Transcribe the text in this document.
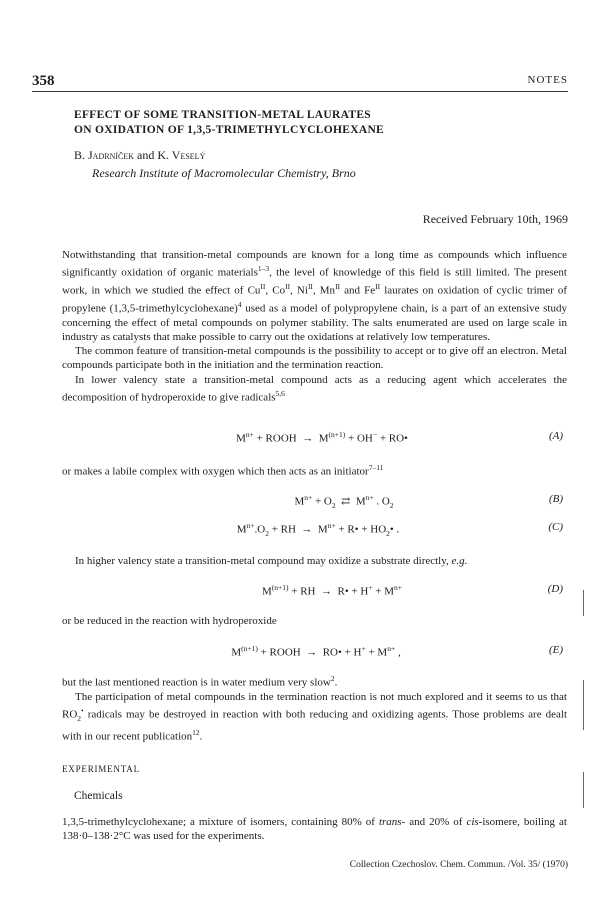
358	NOTES
EFFECT OF SOME TRANSITION-METAL LAURATES
ON OXIDATION OF 1,3,5-TRIMETHYLCYCLOHEXANE
B. Jadrníček and K. Veselý
Research Institute of Macromolecular Chemistry, Brno
Received February 10th, 1969

Notwithstanding that transition-metal compounds are known for a long time as compounds which influence significantly oxidation of organic materials$^{1-3}$, the level of knowledge of this field is still limited. The present work, in which we studied the effect of $Cu^{II}$, $Co^{II}$, $Ni^{II}$, $Mn^{II}$ and $Fe^{II}$ laurates on oxidation of cyclic trimer of propylene (1,3,5-trimethylcyclohexane)$^4$ used as a model of polypropylene chain, is a part of an extensive study concerning the effect of metal compounds on polymer stability. The salts enumerated are used on large scale in industry as catalysts that make possible to carry out the oxidations at relatively low temperatures.

The common feature of transition-metal compounds is the possibility to accept or to give off an electron. Metal compounds participate both in the initiation and the termination reaction.

In lower valency state a transition-metal compound acts as a reducing agent which accelerates the decomposition of hydroperoxide to give radicals$^{5,6}$

$M^{n+}$ + ROOH  →  $M^{(n+1)} + OH^-$ + RO•	(A)

or makes a labile complex with oxygen which then acts as an initiator$^{7-11}$

$M^{n+} + O_2$  ⇄  $M^{n+}$ . $O_2$
(B)
$M^{n+}.O_2$ + RH  →  $M^{n+}$ + R• + $HO_2•$ .	(C)

In higher valency state a transition-metal compound may oxidize a substrate directly, e.g.

$M^{(n+1)}$ + RH  →  R• + $H^+ + M^{n+}$	(D)

or be reduced in the reaction with hydroperoxide

$M^{(n+1)}$ + ROOH  →  RO• + $H^+ + M^{n+}$ ,	(E)

but the last mentioned reaction is in water medium very slow$^2$.

The participation of metal compounds in the termination reaction is not much explored and it seems to us that $RO_2^•$ radicals may be destroyed in reaction with both reducing and oxidizing agents. Those problems are dealt with in our recent publication$^{12}$.

EXPERIMENTAL
Chemicals

1,3,5-trimethylcyclohexane; a mixture of isomers, containing 80% of trans- and 20% of cis-isomere, boiling at 138·0–138·2°C was used for the experiments.

Collection Czechoslov. Chem. Commun. /Vol. 35/ (1970)
